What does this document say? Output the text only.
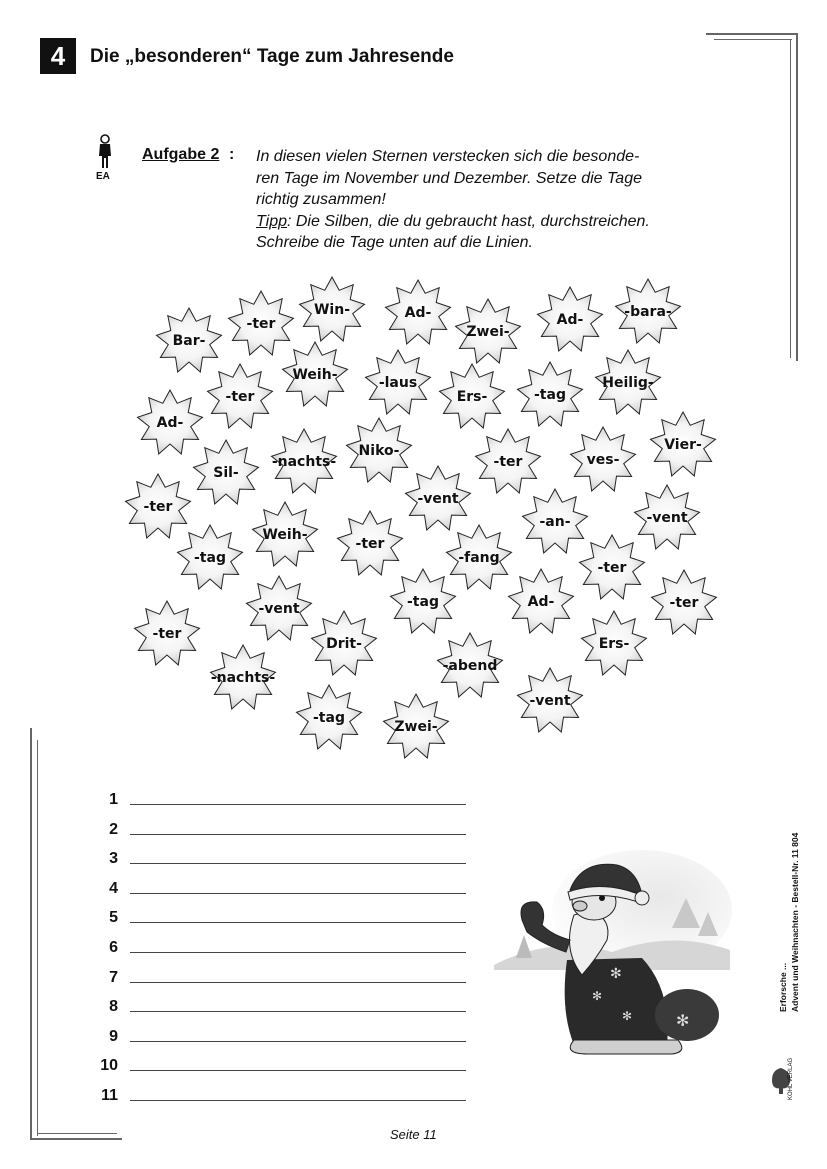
4	Die „besonderen“ Tage zum Jahresende
EA
Aufgabe 2 : In diesen vielen Sternen verstecken sich die besonde-
ren Tage im November und Dezember. Setze die Tage
richtig zusammen!
Tipp: Die Silben, die du gebraucht hast, durchstreichen.
Schreibe die Tage unten auf die Linien.
Win-	Ad-
-ter	Zwei-
Ad-	-bara-
Bar-
Weih-	-laus	Heilig-
-ter	Ers-	-tag
Ad-
Niko-
-nachts-
Vier-
-ter	ves-
Sil-
-vent
-ter
-an-	-vent
Weih-
-ter
-tag	-fang
-ter
-vent	-tag	Ad-	-ter
-ter
Drit-	Ers-
-nachts-
-abend
-vent
-tag
Zwei-
1
2
3
4
5
6
7
8
9
10
11
✻
✻
✻	✻
Erforsche ... Advent und Weihnachten - Bestell-Nr. 11 804
KOHL VERLAG
Seite 11
